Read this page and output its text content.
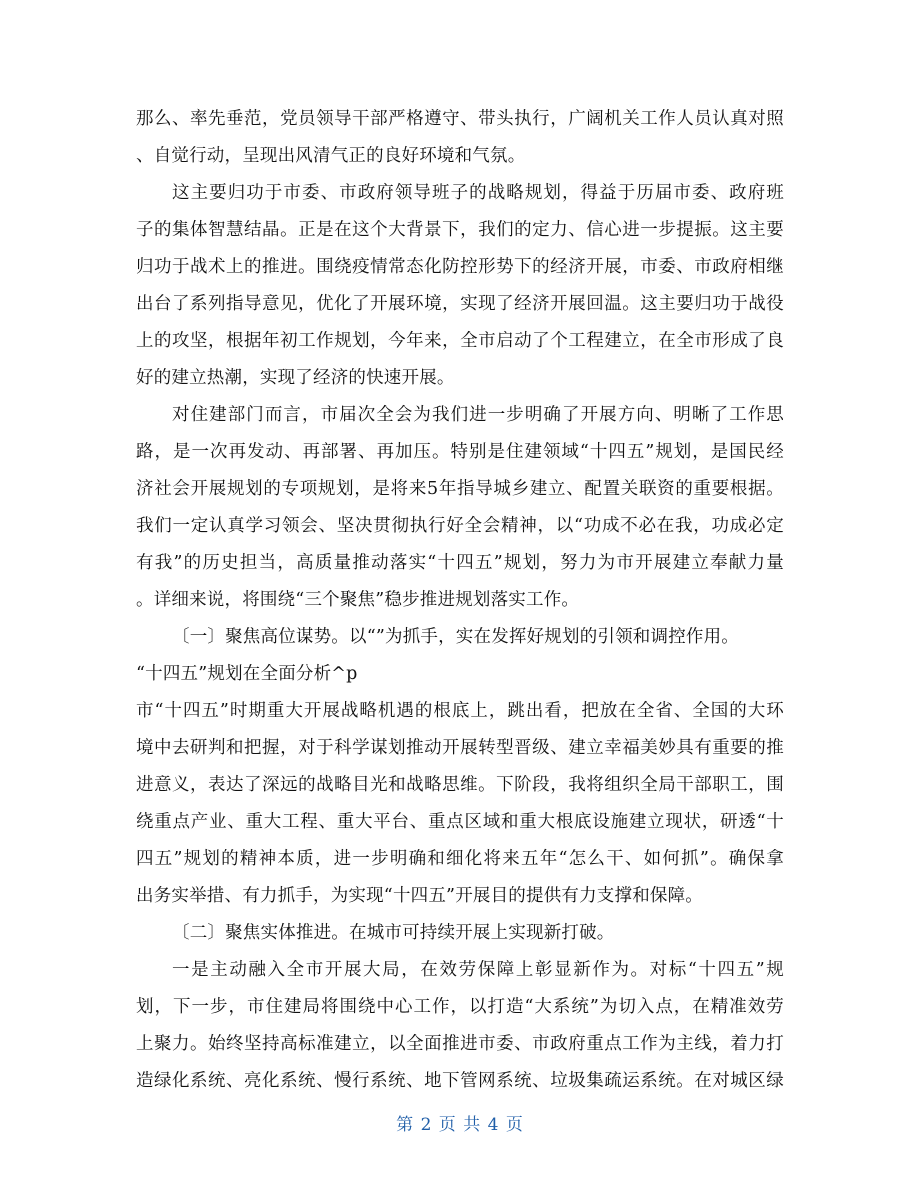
那么、率先垂范，党员领导干部严格遵守、带头执行，广阔机关工作人员认真对照
、自觉行动，呈现出风清气正的良好环境和气氛。
这主要归功于市委、市政府领导班子的战略规划，得益于历届市委、政府班
子的集体智慧结晶。正是在这个大背景下，我们的定力、信心进一步提振。这主要
归功于战术上的推进。围绕疫情常态化防控形势下的经济开展，市委、市政府相继
出台了系列指导意见，优化了开展环境，实现了经济开展回温。这主要归功于战役
上的攻坚，根据年初工作规划，今年来，全市启动了个工程建立，在全市形成了良
好的建立热潮，实现了经济的快速开展。
对住建部门而言，市届次全会为我们进一步明确了开展方向、明晰了工作思
路，是一次再发动、再部署、再加压。特别是住建领域“十四五”规划，是国民经
济社会开展规划的专项规划，是将来5年指导城乡建立、配置关联资的重要根据。
我们一定认真学习领会、坚决贯彻执行好全会精神，以“功成不必在我，功成必定
有我”的历史担当，高质量推动落实“十四五”规划，努力为市开展建立奉献力量
。详细来说，将围绕“三个聚焦”稳步推进规划落实工作。
〔一〕聚焦高位谋势。以“”为抓手，实在发挥好规划的引领和调控作用。
“十四五”规划在全面分析^p
市“十四五”时期重大开展战略机遇的根底上，跳出看，把放在全省、全国的大环
境中去研判和把握，对于科学谋划推动开展转型晋级、建立幸福美妙具有重要的推
进意义，表达了深远的战略目光和战略思维。下阶段，我将组织全局干部职工，围
绕重点产业、重大工程、重大平台、重点区域和重大根底设施建立现状，研透“十
四五”规划的精神本质，进一步明确和细化将来五年“怎么干、如何抓”。确保拿
出务实举措、有力抓手，为实现“十四五”开展目的提供有力支撑和保障。
〔二〕聚焦实体推进。在城市可持续开展上实现新打破。
一是主动融入全市开展大局，在效劳保障上彰显新作为。对标“十四五”规
划，下一步，市住建局将围绕中心工作，以打造“大系统”为切入点，在精准效劳
上聚力。始终坚持高标准建立，以全面推进市委、市政府重点工作为主线，着力打
造绿化系统、亮化系统、慢行系统、地下管网系统、垃圾集疏运系统。在对城区绿
第 2 页 共 4 页
